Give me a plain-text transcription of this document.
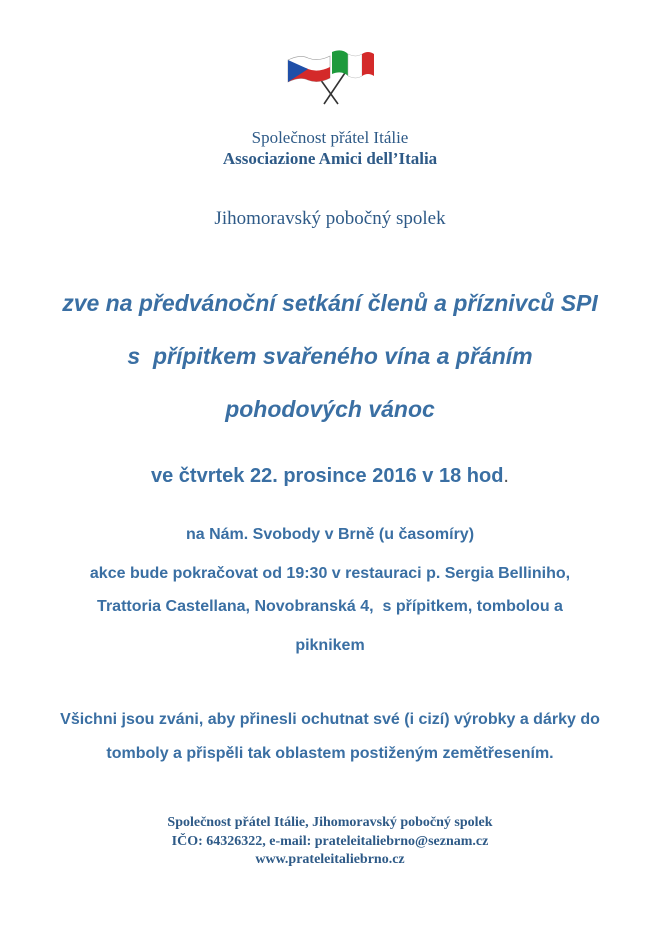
Společnost přátel Itálie
Associazione Amici dell’Italia
Jihomoravský pobočný spolek
zve na předvánoční setkání členů a příznivců SPI
s  přípitkem svařeného vína a přáním
pohodových vánoc
ve čtvrtek 22. prosince 2016 v 18 hod.
na Nám. Svobody v Brně (u časomíry)
akce bude pokračovat od 19:30 v restauraci p. Sergia Belliniho,
Trattoria Castellana, Novobranská 4,  s přípitkem, tombolou a
piknikem
Všichni jsou zváni, aby přinesli ochutnat své (i cizí) výrobky a dárky do
tomboly a přispěli tak oblastem postiženým zemětřesením.
Společnost přátel Itálie, Jihomoravský pobočný spolek
IČO: 64326322, e-mail: prateleitaliebrno@seznam.cz
www.prateleitaliebrno.cz
